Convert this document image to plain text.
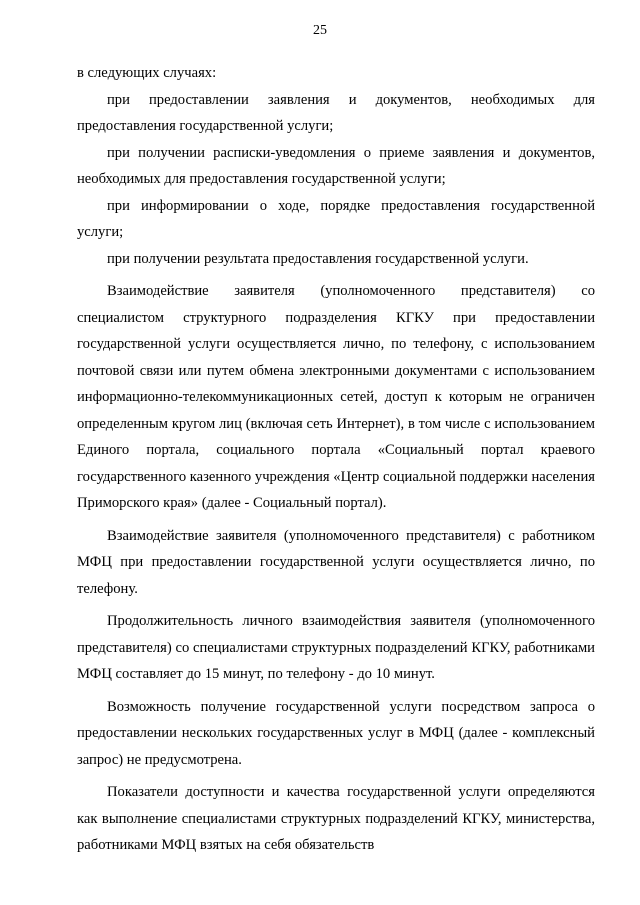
25

в следующих случаях:

при предоставлении заявления и документов, необходимых для предоставления государственной услуги;

при получении расписки-уведомления о приеме заявления и документов, необходимых для предоставления государственной услуги;

при информировании о ходе, порядке предоставления государственной услуги;

при получении результата предоставления государственной услуги.

Взаимодействие заявителя (уполномоченного представителя) со специалистом структурного подразделения КГКУ при предоставлении государственной услуги осуществляется лично, по телефону, с использованием почтовой связи или путем обмена электронными документами с использованием информационно-телекоммуникационных сетей, доступ к которым не ограничен определенным кругом лиц (включая сеть Интернет), в том числе с использованием Единого портала, социального портала «Социальный портал краевого государственного казенного учреждения «Центр социальной поддержки населения Приморского края» (далее - Социальный портал).

Взаимодействие заявителя (уполномоченного представителя) с работником МФЦ при предоставлении государственной услуги осуществляется лично, по телефону.

Продолжительность личного взаимодействия заявителя (уполномоченного представителя) со специалистами структурных подразделений КГКУ, работниками МФЦ составляет до 15 минут, по телефону - до 10 минут.

Возможность получение государственной услуги посредством запроса о предоставлении нескольких государственных услуг в МФЦ (далее - комплексный запрос) не предусмотрена.

Показатели доступности и качества государственной услуги определяются как выполнение специалистами структурных подразделений КГКУ, министерства, работниками МФЦ взятых на себя обязательств
